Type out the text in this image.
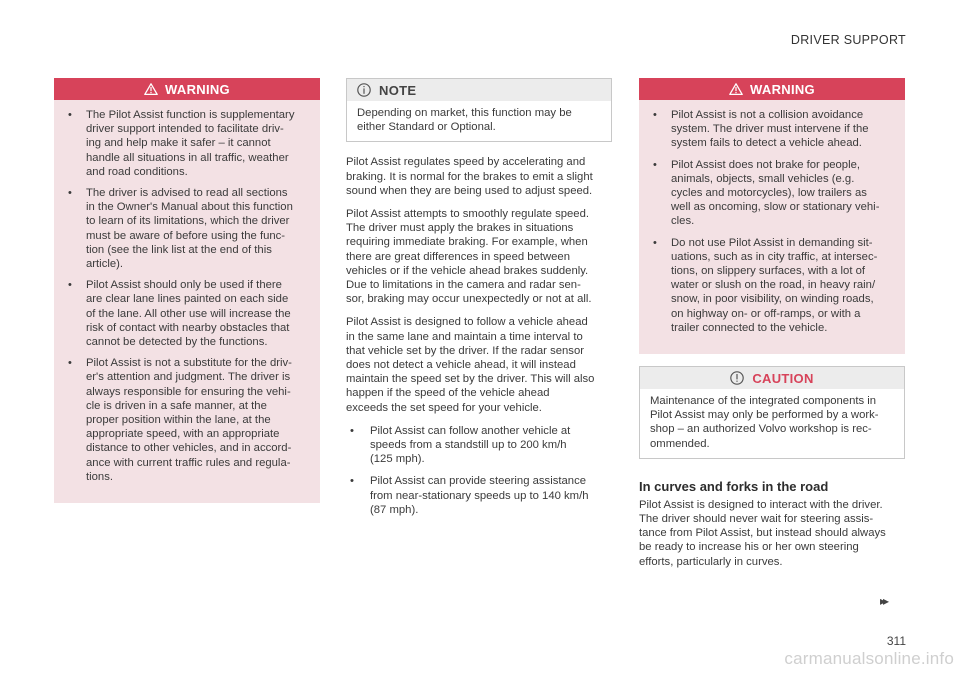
DRIVER SUPPORT
WARNING
• The Pilot Assist function is supplementary
driver support intended to facilitate driv-
ing and help make it safer – it cannot
handle all situations in all traffic, weather
and road conditions.
• The driver is advised to read all sections
in the Owner's Manual about this function
to learn of its limitations, which the driver
must be aware of before using the func-
tion (see the link list at the end of this
article).
• Pilot Assist should only be used if there
are clear lane lines painted on each side
of the lane. All other use will increase the
risk of contact with nearby obstacles that
cannot be detected by the functions.
• Pilot Assist is not a substitute for the driv-
er's attention and judgment. The driver is
always responsible for ensuring the vehi-
cle is driven in a safe manner, at the
proper position within the lane, at the
appropriate speed, with an appropriate
distance to other vehicles, and in accord-
ance with current traffic rules and regula-
tions.
NOTE
Depending on market, this function may be
either Standard or Optional.

Pilot Assist regulates speed by accelerating and
braking. It is normal for the brakes to emit a slight
sound when they are being used to adjust speed.

Pilot Assist attempts to smoothly regulate speed.
The driver must apply the brakes in situations
requiring immediate braking. For example, when
there are great differences in speed between
vehicles or if the vehicle ahead brakes suddenly.
Due to limitations in the camera and radar sen-
sor, braking may occur unexpectedly or not at all.

Pilot Assist is designed to follow a vehicle ahead
in the same lane and maintain a time interval to
that vehicle set by the driver. If the radar sensor
does not detect a vehicle ahead, it will instead
maintain the speed set by the driver. This will also
happen if the speed of the vehicle ahead
exceeds the set speed for your vehicle.

• Pilot Assist can follow another vehicle at
speeds from a standstill up to 200 km/h
(125 mph).
• Pilot Assist can provide steering assistance
from near-stationary speeds up to 140 km/h
(87 mph).
WARNING
• Pilot Assist is not a collision avoidance
system. The driver must intervene if the
system fails to detect a vehicle ahead.
• Pilot Assist does not brake for people,
animals, objects, small vehicles (e.g.
cycles and motorcycles), low trailers as
well as oncoming, slow or stationary vehi-
cles.
• Do not use Pilot Assist in demanding sit-
uations, such as in city traffic, at intersec-
tions, on slippery surfaces, with a lot of
water or slush on the road, in heavy rain/
snow, in poor visibility, on winding roads,
on highway on- or off-ramps, or with a
trailer connected to the vehicle.
CAUTION
Maintenance of the integrated components in
Pilot Assist may only be performed by a work-
shop – an authorized Volvo workshop is rec-
ommended.
In curves and forks in the road
Pilot Assist is designed to interact with the driver.
The driver should never wait for steering assis-
tance from Pilot Assist, but instead should always
be ready to increase his or her own steering
efforts, particularly in curves.
▸▸
311
carmanualsonline.info
